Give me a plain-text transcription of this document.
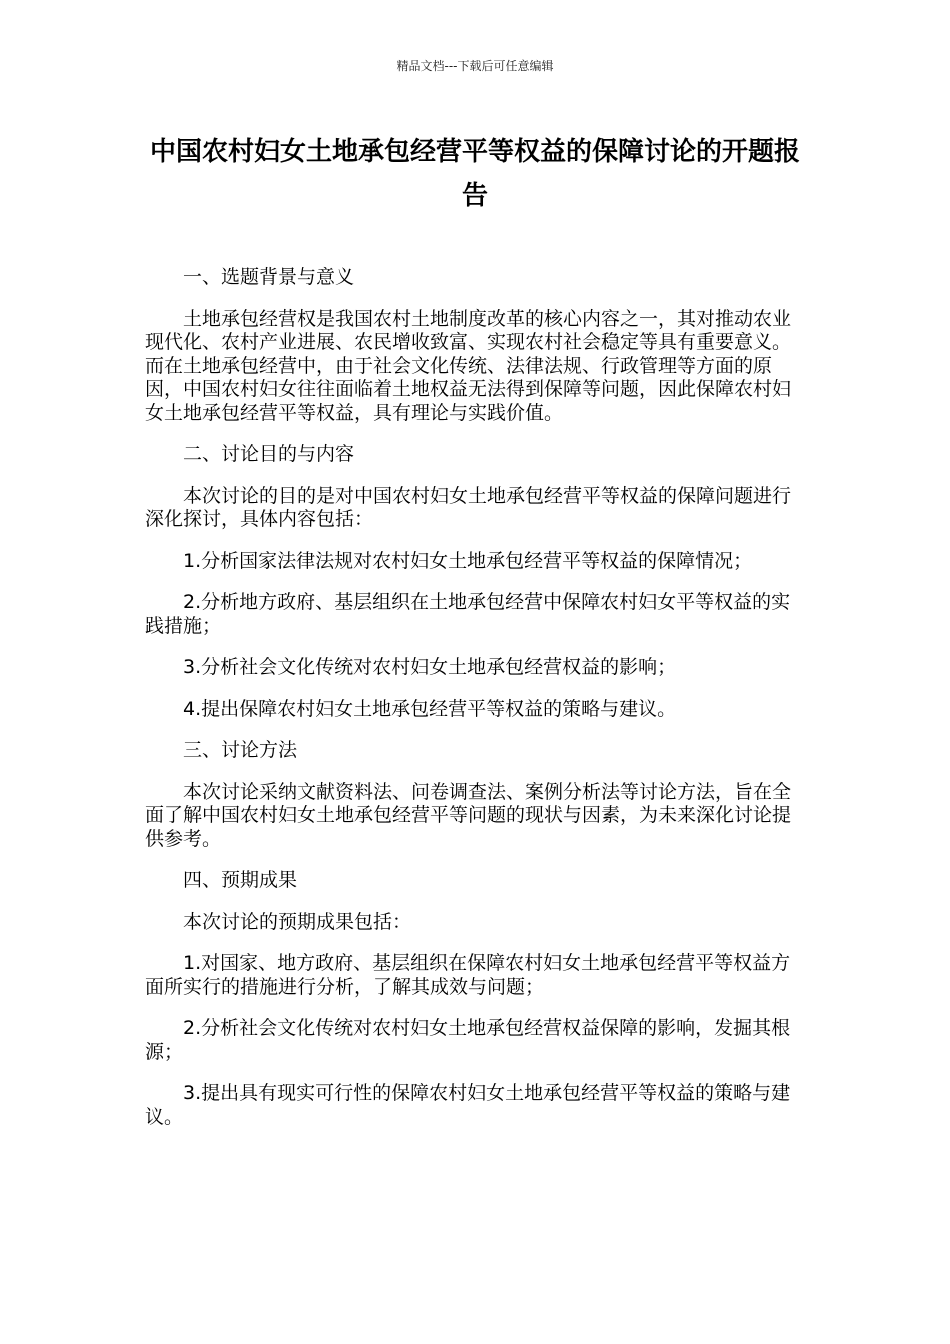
精品文档---下载后可任意编辑
中国农村妇女土地承包经营平等权益的保障讨论的开题报告

一、选题背景与意义

土地承包经营权是我国农村土地制度改革的核心内容之一，其对推动农业现代化、农村产业进展、农民增收致富、实现农村社会稳定等具有重要意义。而在土地承包经营中，由于社会文化传统、法律法规、行政管理等方面的原因，中国农村妇女往往面临着土地权益无法得到保障等问题，因此保障农村妇女土地承包经营平等权益，具有理论与实践价值。

二、讨论目的与内容

本次讨论的目的是对中国农村妇女土地承包经营平等权益的保障问题进行深化探讨，具体内容包括：

1.分析国家法律法规对农村妇女土地承包经营平等权益的保障情况；

2.分析地方政府、基层组织在土地承包经营中保障农村妇女平等权益的实践措施；

3.分析社会文化传统对农村妇女土地承包经营权益的影响；

4.提出保障农村妇女土地承包经营平等权益的策略与建议。

三、讨论方法

本次讨论采纳文献资料法、问卷调查法、案例分析法等讨论方法，旨在全面了解中国农村妇女土地承包经营平等问题的现状与因素，为未来深化讨论提供参考。

四、预期成果

本次讨论的预期成果包括：

1.对国家、地方政府、基层组织在保障农村妇女土地承包经营平等权益方面所实行的措施进行分析，了解其成效与问题；

2.分析社会文化传统对农村妇女土地承包经营权益保障的影响，发掘其根源；

3.提出具有现实可行性的保障农村妇女土地承包经营平等权益的策略与建议。
